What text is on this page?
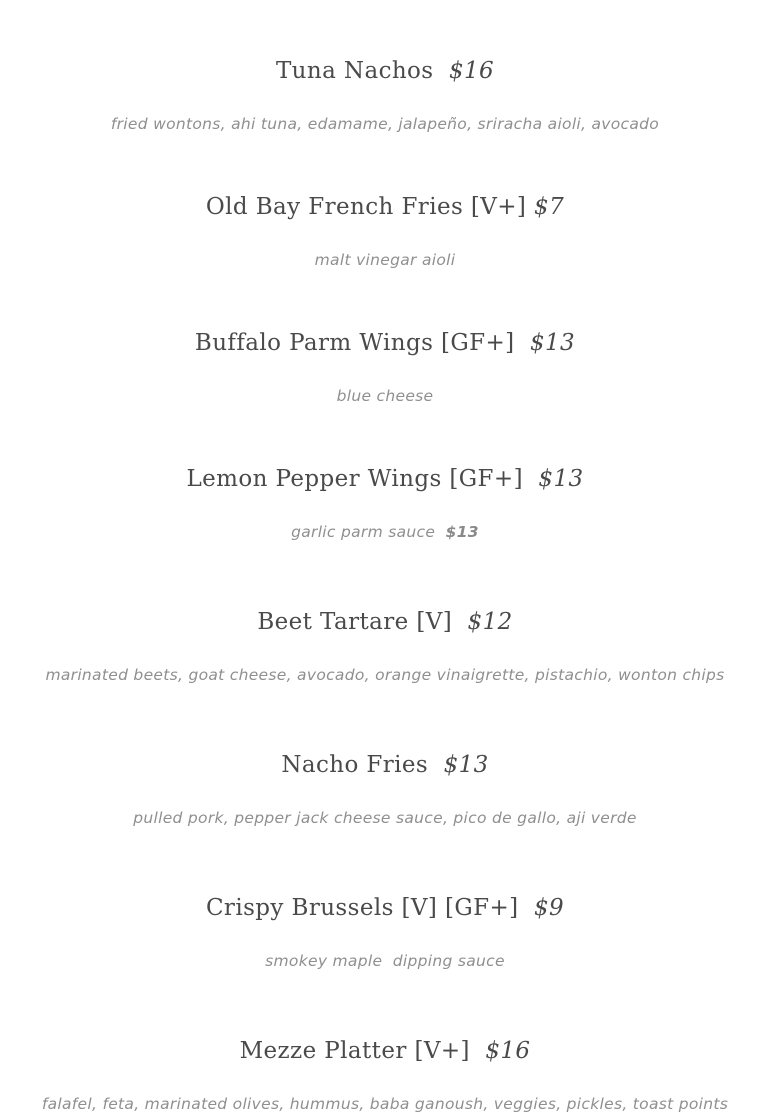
Tuna Nachos $16

fried wontons, ahi tuna, edamame, jalapeño, sriracha aioli, avocado

Old Bay French Fries [V+] $7

malt vinegar aioli

Buffalo Parm Wings [GF+] $13

blue cheese

Lemon Pepper Wings [GF+] $13

garlic parm sauce $13

Beet Tartare [V] $12

marinated beets, goat cheese, avocado, orange vinaigrette, pistachio, wonton chips

Nacho Fries $13

pulled pork, pepper jack cheese sauce, pico de gallo, aji verde

Crispy Brussels [V] [GF+] $9

smokey maple  dipping sauce

Mezze Platter [V+] $16

falafel, feta, marinated olives, hummus, baba ganoush, veggies, pickles, toast points
